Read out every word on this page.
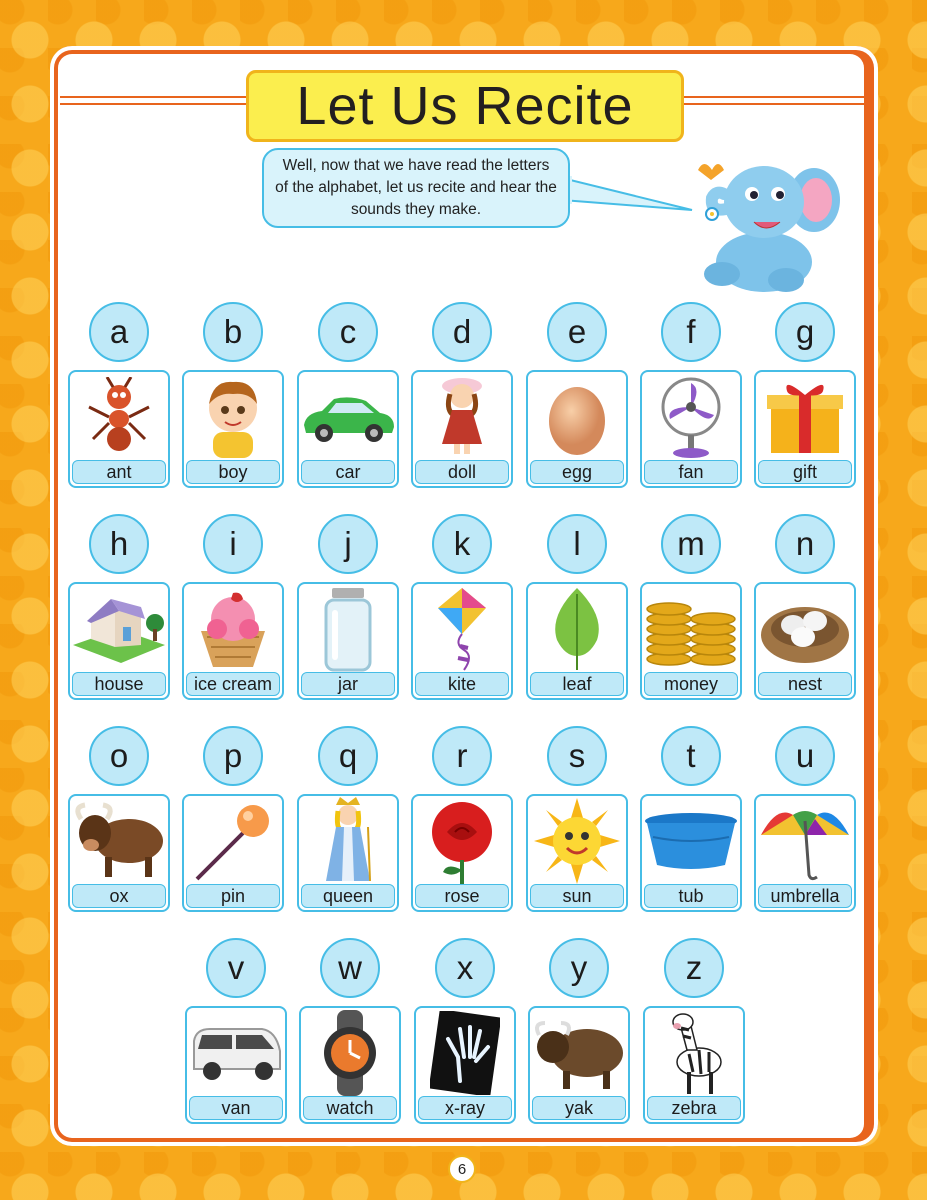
Let Us Recite
Well, now that we have read the letters of the alphabet, let us recite and hear the sounds they make.
a
ant
b
boy
c
car
d
doll
e
egg
f
fan
g
gift
h
house
i
ice cream
j
jar
k
kite
l
leaf
m
money
n
nest
o
ox
p
pin
q
queen
r
rose
s
sun
t
tub
u
umbrella
v
van
w
watch
x
x-ray
y
yak
z
zebra
6
